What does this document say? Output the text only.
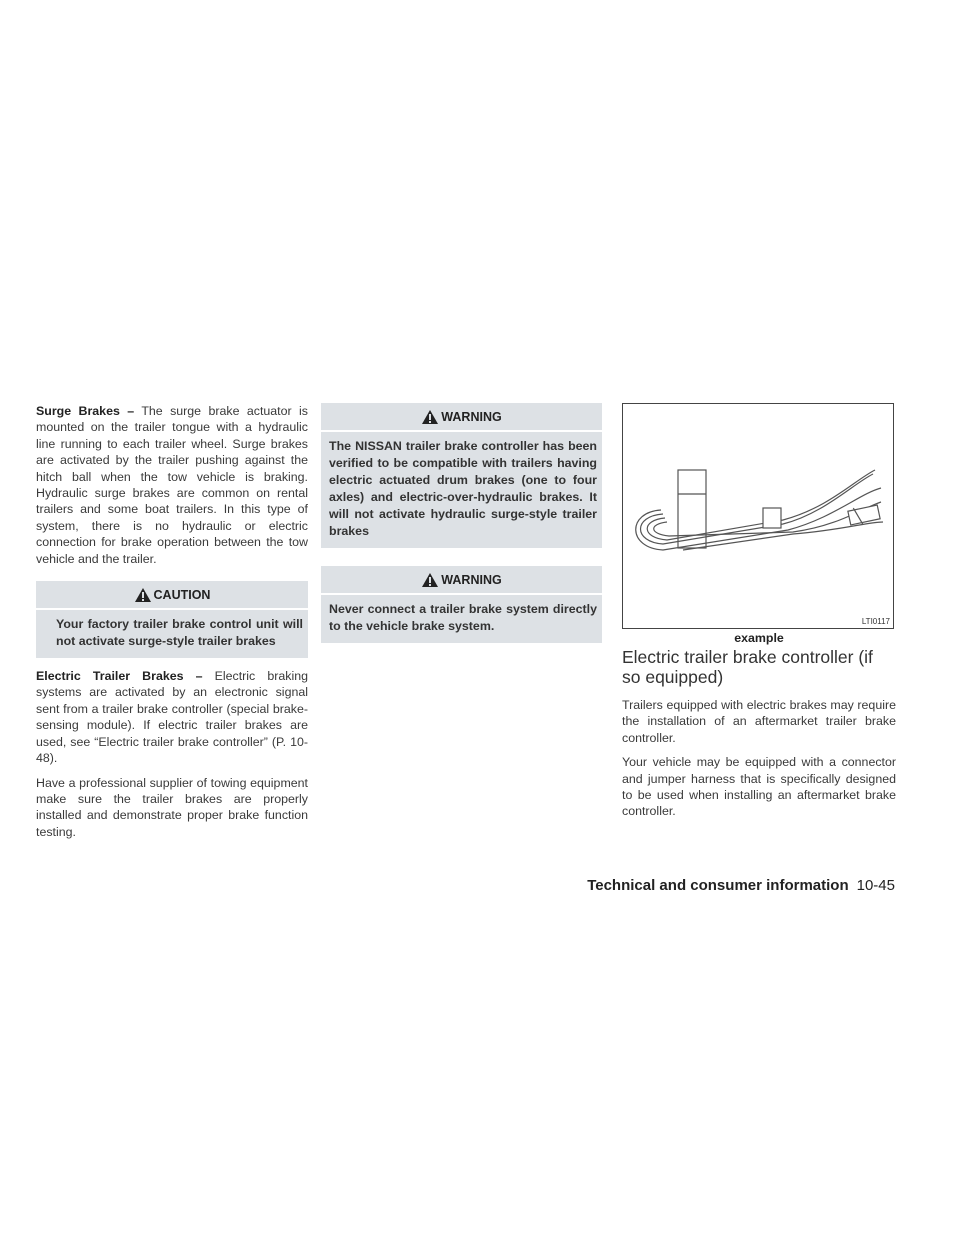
Surge Brakes – The surge brake actuator is mounted on the trailer tongue with a hydraulic line running to each trailer wheel. Surge brakes are activated by the trailer pushing against the hitch ball when the tow vehicle is braking. Hydraulic surge brakes are common on rental trailers and some boat trailers. In this type of system, there is no hydraulic or electric connection for brake operation between the tow vehicle and the trailer.

CAUTION
Your factory trailer brake control unit will not activate surge-style trailer brakes

Electric Trailer Brakes – Electric braking systems are activated by an electronic signal sent from a trailer brake controller (special brake-sensing module). If electric trailer brakes are used, see “Electric trailer brake controller” (P. 10-48).

Have a professional supplier of towing equipment make sure the trailer brakes are properly installed and demonstrate proper brake function testing.

WARNING
The NISSAN trailer brake controller has been verified to be compatible with trailers having electric actuated drum brakes (one to four axles) and electric-over-hydraulic brakes. It will not activate hydraulic surge-style trailer brakes
WARNING
Never connect a trailer brake system directly to the vehicle brake system.	LTI0117
example
Electric trailer brake controller (if so equipped)

Trailers equipped with electric brakes may require the installation of an aftermarket trailer brake controller.

Your vehicle may be equipped with a connector and jumper harness that is specifically designed to be used when installing an aftermarket brake controller.

Technical and consumer information 10-45
